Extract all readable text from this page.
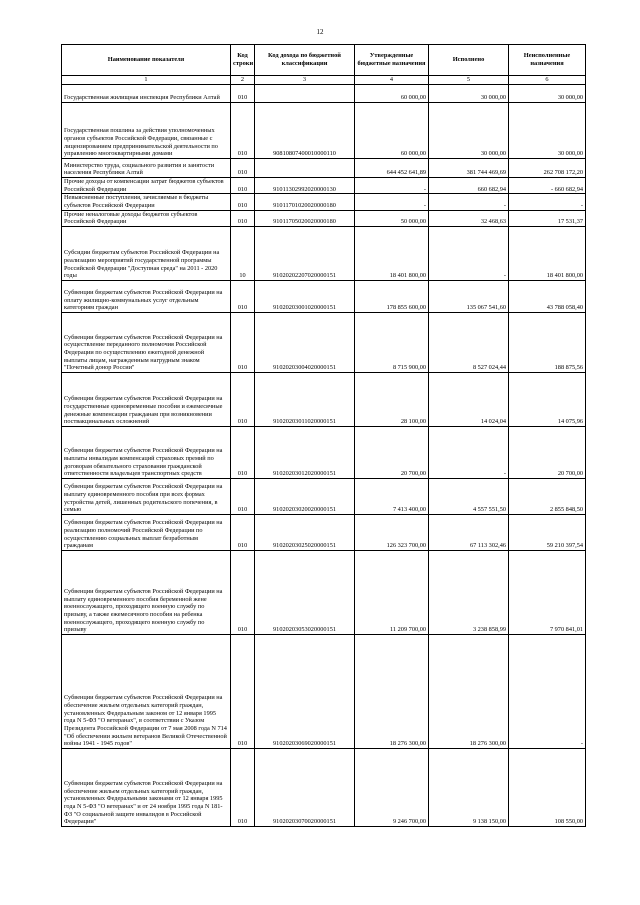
12
Наименование показателя	Код строки	Код дохода по бюджетной классификации	Утвержденные бюджетные назначения	Исполнено	Неисполненные назначения
1	2	3	4	5	6
Государственная жилищная инспекция Республики Алтай	010		60 000,00	30 000,00	30 000,00
Государственная пошлина за действия уполномоченных органов субъектов Российской Федерации, связанные с лицензированием предпринимательской деятельности по управлению многоквартирными домами	010	90810807400010000110	60 000,00	30 000,00	30 000,00
Министерство труда, социального развития и занятости населения Республики Алтай	010		644 452 641,89	381 744 469,69	262 708 172,20
Прочие доходы от компенсации затрат бюджетов субъектов Российской Федерации	010	91011302992020000130	-	660 682,94	- 660 682,94
Невыясненные поступления, зачисляемые в бюджеты субъектов Российской Федерации	010	91011701020020000180	-	-	-
Прочие неналоговые доходы бюджетов субъектов Российской Федерации	010	91011705020020000180	50 000,00	32 468,63	17 531,37
Субсидии бюджетам субъектов Российской Федерации на реализацию мероприятий государственной программы Российской Федерации "Доступная среда" на 2011 - 2020 годы	10	91020202207020000151	18 401 800,00	-	18 401 800,00
Субвенции бюджетам субъектов Российской Федерации на оплату жилищно-коммунальных услуг отдельным категориям граждан	010	91020203001020000151	178 855 600,00	135 067 541,60	43 788 058,40
Субвенции бюджетам субъектов Российской Федерации на осуществление переданного полномочия Российской Федерации по осуществлению ежегодной денежной выплаты лицам, награжденным нагрудным знаком "Почетный донор России"	010	91020203004020000151	8 715 900,00	8 527 024,44	188 875,56
Субвенции бюджетам субъектов Российской Федерации на государственные единовременные пособия и ежемесячные денежные компенсации гражданам при возникновении поствакцинальных осложнений	010	91020203011020000151	28 100,00	14 024,04	14 075,96
Субвенции бюджетам субъектов Российской Федерации на выплаты инвалидам компенсаций страховых премий по договорам обязательного страхования гражданской ответственности владельцев транспортных средств	010	91020203012020000151	20 700,00	-	20 700,00
Субвенции бюджетам субъектов Российской Федерации на выплату единовременного пособия при всех формах устройства детей, лишенных родительского попечения, в семью	010	91020203020020000151	7 413 400,00	4 557 551,50	2 855 848,50
Субвенции бюджетам субъектов Российской Федерации на реализацию полномочий Российской Федерации по осуществлению социальных выплат безработным гражданам	010	91020203025020000151	126 323 700,00	67 113 302,46	59 210 397,54
Субвенции бюджетам субъектов Российской Федерации на выплату единовременного пособия беременной жене военнослужащего, проходящего военную службу по призыву, а также ежемесячного пособия на ребенка военнослужащего, проходящего военную службу по призыву	010	91020203053020000151	11 209 700,00	3 238 858,99	7 970 841,01
Субвенции бюджетам субъектов Российской Федерации на обеспечение жильем отдельных категорий граждан, установленных Федеральным законом от 12 января 1995 года N 5-ФЗ "О ветеранах", в соответствии с Указом Президента Российской Федерации от 7 мая 2008 года N 714 "Об обеспечении жильем ветеранов Великой Отечественной войны 1941 - 1945 годов"	010	91020203069020000151	18 276 300,00	18 276 300,00	-
Субвенции бюджетам субъектов Российской Федерации на обеспечение жильем отдельных категорий граждан, установленных Федеральными законами от 12 января 1995 года N 5-ФЗ "О ветеранах" и от 24 ноября 1995 года N 181-ФЗ "О социальной защите инвалидов в Российской Федерации"	010	91020203070020000151	9 246 700,00	9 138 150,00	108 550,00
